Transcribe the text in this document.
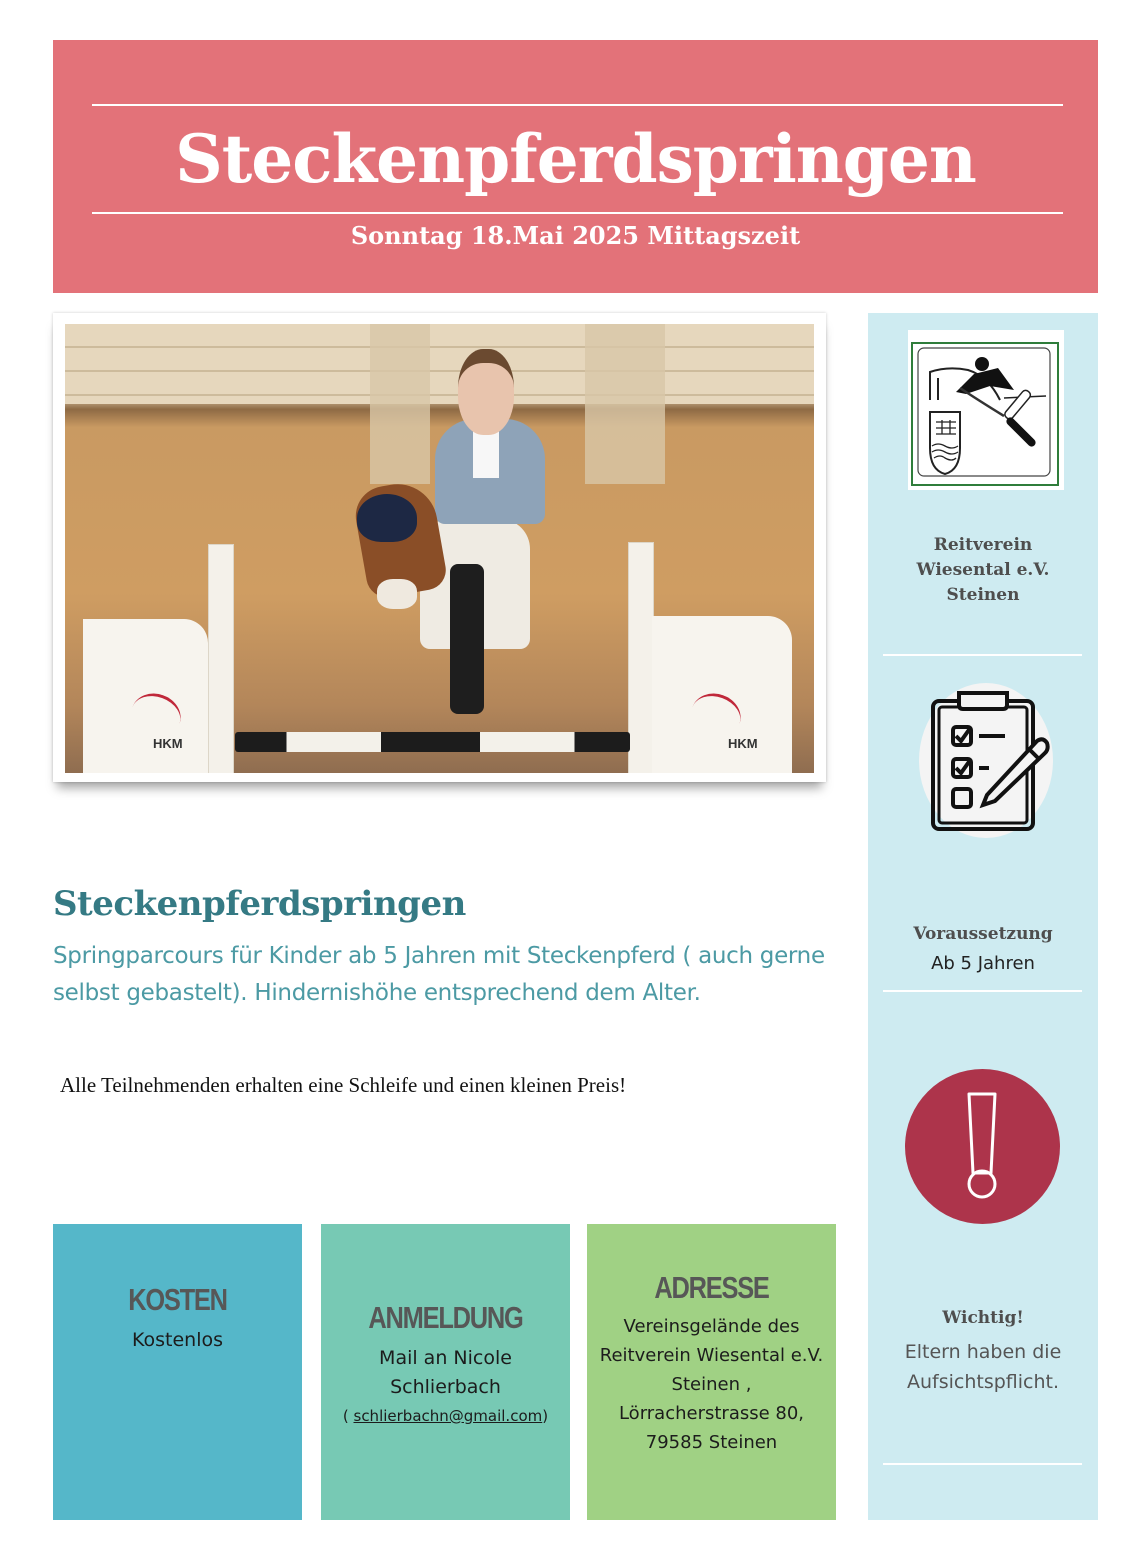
Steckenpferdspringen
Sonntag 18.Mai 2025 Mittagszeit
HKM	HKM
Steckenpferdspringen
Springparcours für Kinder ab 5 Jahren mit Steckenpferd ( auch gerne selbst gebastelt). Hindernishöhe entsprechend dem Alter.
Alle Teilnehmenden erhalten eine Schleife und einen kleinen Preis!
KOSTEN
Kostenlos
ANMELDUNG
Mail an Nicole Schlierbach
( schlierbachn@gmail.com)
ADRESSE
Vereinsgelände des Reitverein Wiesental e.V. Steinen , Lörracherstrasse 80, 79585 Steinen
Reitverein
Wiesental e.V.
Steinen
Voraussetzung
Ab 5 Jahren
Wichtig!
Eltern haben die Aufsichtspflicht.
